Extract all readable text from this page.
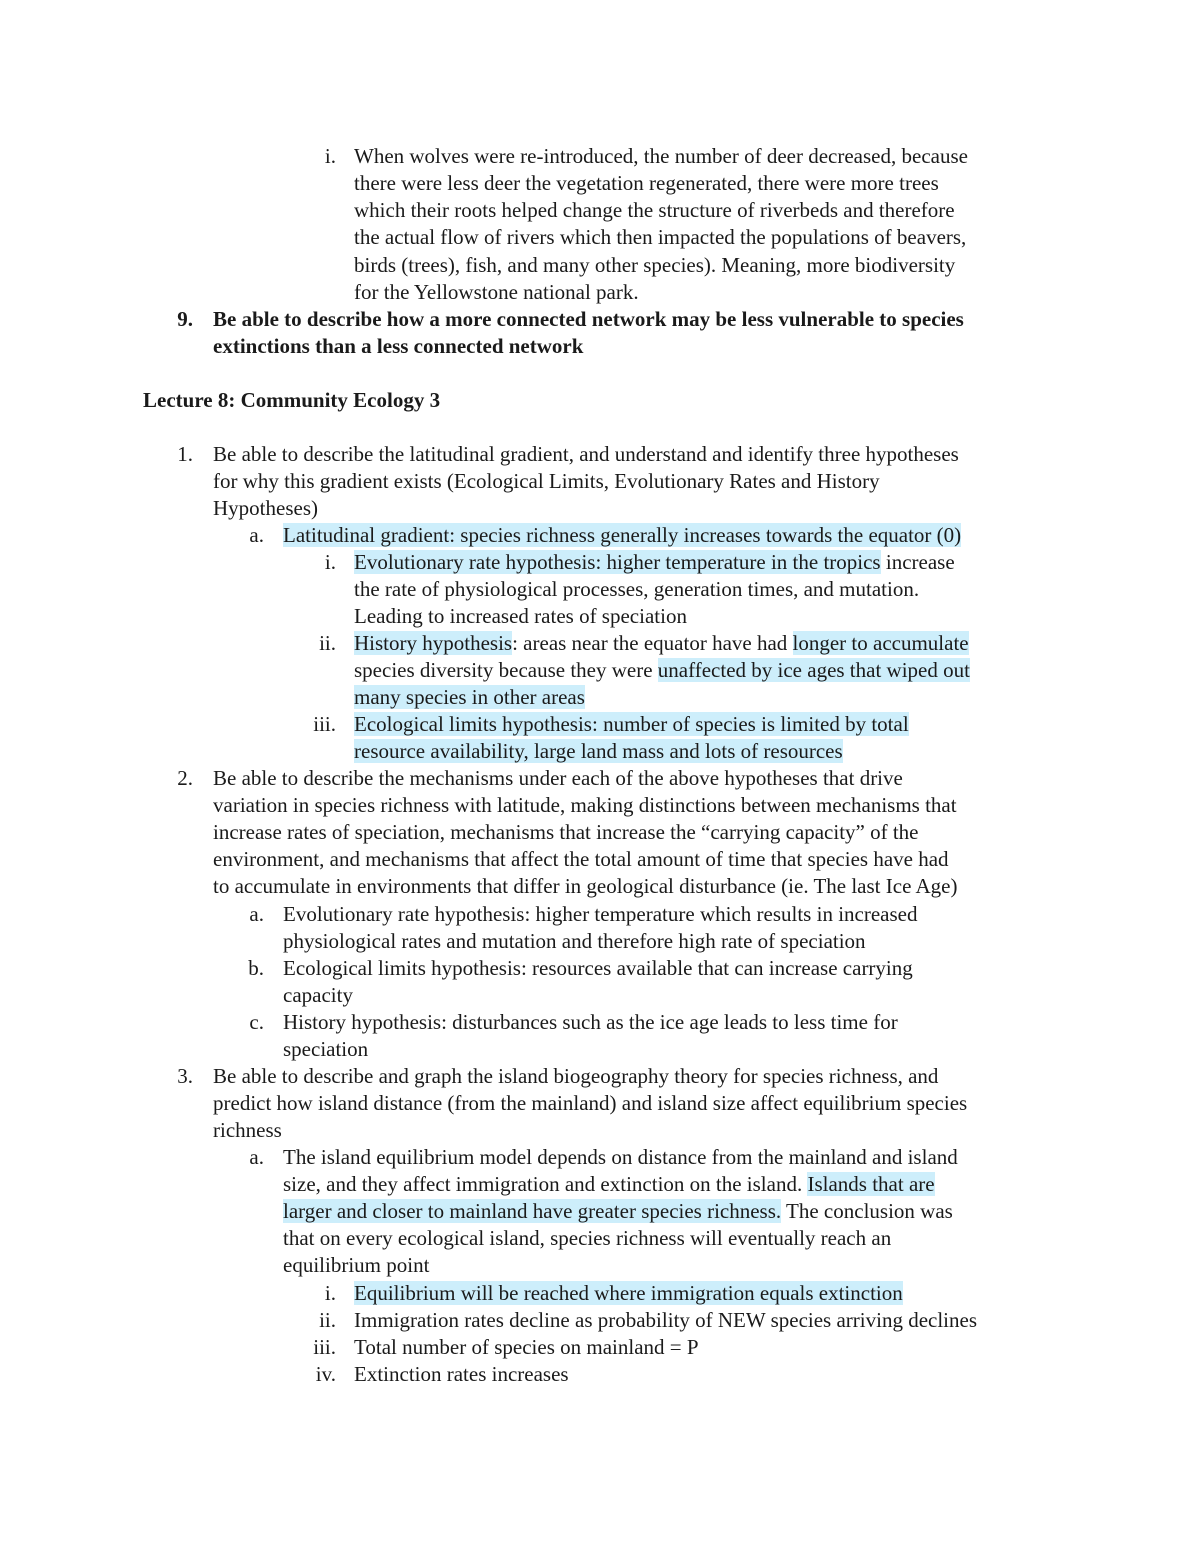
i. When wolves were re-introduced, the number of deer decreased, because
there were less deer the vegetation regenerated, there were more trees
which their roots helped change the structure of riverbeds and therefore
the actual flow of rivers which then impacted the populations of beavers,
birds (trees), fish, and many other species). Meaning, more biodiversity
for the Yellowstone national park.
9. Be able to describe how a more connected network may be less vulnerable to species
extinctions than a less connected network
Lecture 8: Community Ecology 3
1. Be able to describe the latitudinal gradient, and understand and identify three hypotheses
for why this gradient exists (Ecological Limits, Evolutionary Rates and History
Hypotheses)
a. Latitudinal gradient: species richness generally increases towards the equator (0)
i. Evolutionary rate hypothesis: higher temperature in the tropics increase
the rate of physiological processes, generation times, and mutation.
Leading to increased rates of speciation
ii. History hypothesis: areas near the equator have had longer to accumulate
species diversity because they were unaffected by ice ages that wiped out
many species in other areas
iii. Ecological limits hypothesis: number of species is limited by total
resource availability, large land mass and lots of resources
2. Be able to describe the mechanisms under each of the above hypotheses that drive
variation in species richness with latitude, making distinctions between mechanisms that
increase rates of speciation, mechanisms that increase the “carrying capacity” of the
environment, and mechanisms that affect the total amount of time that species have had
to accumulate in environments that differ in geological disturbance (ie. The last Ice Age)
a. Evolutionary rate hypothesis: higher temperature which results in increased
physiological rates and mutation and therefore high rate of speciation
b. Ecological limits hypothesis: resources available that can increase carrying
capacity
c. History hypothesis: disturbances such as the ice age leads to less time for
speciation
3. Be able to describe and graph the island biogeography theory for species richness, and
predict how island distance (from the mainland) and island size affect equilibrium species
richness
a. The island equilibrium model depends on distance from the mainland and island
size, and they affect immigration and extinction on the island. Islands that are
larger and closer to mainland have greater species richness. The conclusion was
that on every ecological island, species richness will eventually reach an
equilibrium point
i. Equilibrium will be reached where immigration equals extinction
ii. Immigration rates decline as probability of NEW species arriving declines
iii. Total number of species on mainland = P
iv. Extinction rates increases
